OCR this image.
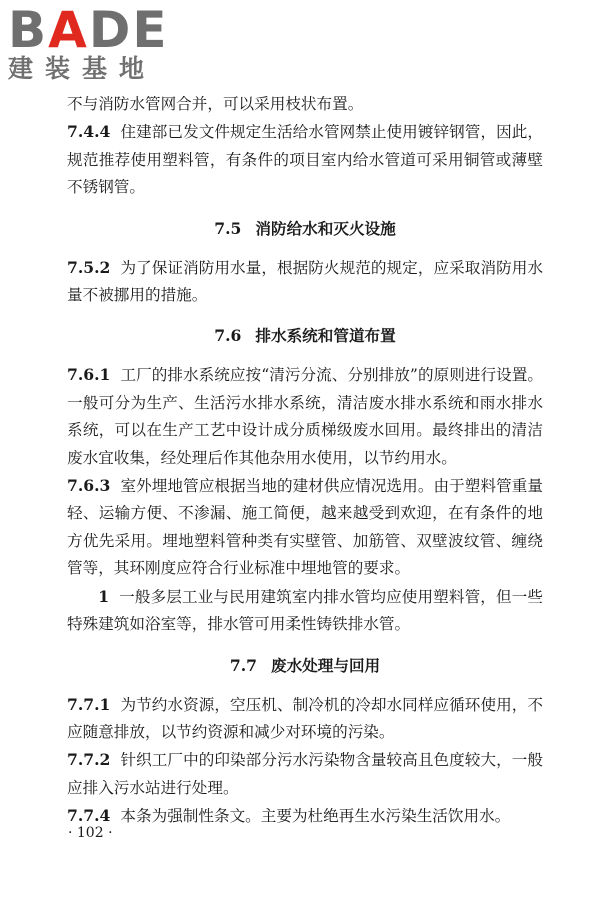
BADE
建装基地

不与消防水管网合并，可以采用枝状布置。

7.4.4 住建部已发文件规定生活给水管网禁止使用镀锌钢管，因此，规范推荐使用塑料管，有条件的项目室内给水管道可采用铜管或薄壁不锈钢管。

7.5 消防给水和灭火设施

7.5.2 为了保证消防用水量，根据防火规范的规定，应采取消防用水量不被挪用的措施。

7.6 排水系统和管道布置

7.6.1 工厂的排水系统应按“清污分流、分别排放”的原则进行设置。一般可分为生产、生活污水排水系统，清洁废水排水系统和雨水排水系统，可以在生产工艺中设计成分质梯级废水回用。最终排出的清洁废水宜收集，经处理后作其他杂用水使用，以节约用水。

7.6.3 室外埋地管应根据当地的建材供应情况选用。由于塑料管重量轻、运输方便、不渗漏、施工简便，越来越受到欢迎，在有条件的地方优先采用。埋地塑料管种类有实壁管、加筋管、双壁波纹管、缠绕管等，其环刚度应符合行业标准中埋地管的要求。

1 一般多层工业与民用建筑室内排水管均应使用塑料管，但一些特殊建筑如浴室等，排水管可用柔性铸铁排水管。

7.7 废水处理与回用

7.7.1 为节约水资源，空压机、制冷机的冷却水同样应循环使用，不应随意排放，以节约资源和减少对环境的污染。

7.7.2 针织工厂中的印染部分污水污染物含量较高且色度较大，一般应排入污水站进行处理。

7.7.4 本条为强制性条文。主要为杜绝再生水污染生活饮用水。

· 102 ·
